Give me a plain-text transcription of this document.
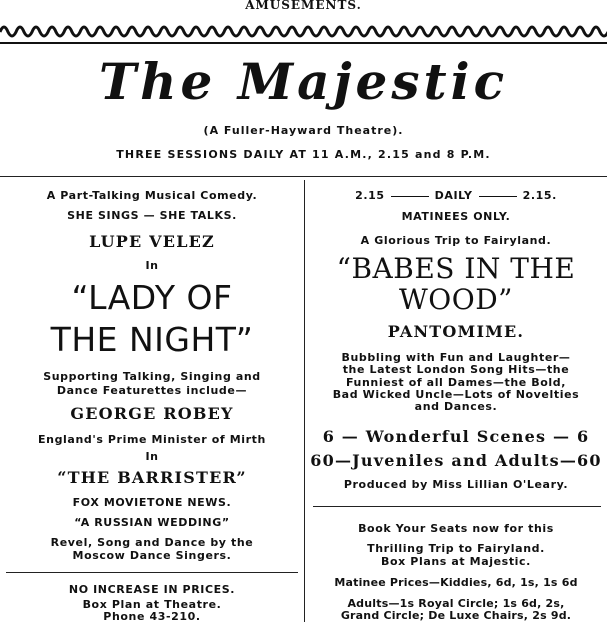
AMUSEMENTS.
The Majestic
(A Fuller-Hayward Theatre).
THREE SESSIONS DAILY AT 11 A.M., 2.15 and 8 P.M.
A Part-Talking Musical Comedy.
SHE SINGS — SHE TALKS.
LUPE VELEZ
In
“LADY OF
THE NIGHT”
Supporting Talking, Singing and
Dance Featurettes include—
GEORGE ROBEY
England's Prime Minister of Mirth
In
“THE BARRISTER”
FOX MOVIETONE NEWS.
“A RUSSIAN WEDDING”
Revel, Song and Dance by the
Moscow Dance Singers.
NO INCREASE IN PRICES.
Box Plan at Theatre.
Phone 43-210.
2.15	DAILY	2.15.
MATINEES ONLY.
A Glorious Trip to Fairyland.
“BABES IN THE
WOOD”
PANTOMIME.
Bubbling with Fun and Laughter—
the Latest London Song Hits—the
Funniest of all Dames—the Bold,
Bad Wicked Uncle—Lots of Novelties
and Dances.
6 — Wonderful Scenes — 6
60—Juveniles and Adults—60
Produced by Miss Lillian O'Leary.
Book Your Seats now for this
Thrilling Trip to Fairyland.
Box Plans at Majestic.
Matinee Prices—Kiddies, 6d, 1s, 1s 6d
Adults—1s Royal Circle; 1s 6d, 2s,
Grand Circle; De Luxe Chairs, 2s 9d.
